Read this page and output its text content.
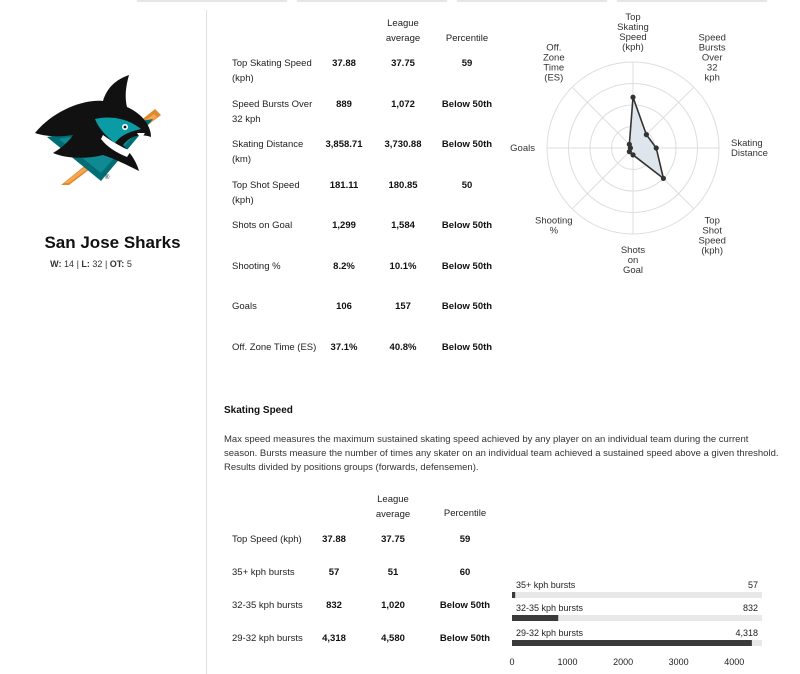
®
San Jose Sharks
W: 14 | L: 32 | OT: 5
League average	Percentile
Top Skating Speed (kph)
37.88	37.75	59
Speed Bursts Over 32 kph
889	1,072	Below 50th
Skating Distance (km)
3,858.71	3,730.88	Below 50th
Top Shot Speed (kph)
181.11	180.85	50
Shots on Goal	1,299	1,584	Below 50th
Shooting %	8.2%	10.1%	Below 50th
Goals	106	157	Below 50th
Off. Zone Time (ES)	37.1%	40.8%	Below 50th
Top Skating Speed (kph)
Speed Bursts Over 32 kph
Skating Distance
Top Shot Speed (kph)
Shots on Goal
Shooting %
Goals
Off. Zone Time (ES)
Skating Speed
Max speed measures the maximum sustained skating speed achieved by any player on an individual team during the current season. Bursts measure the number of times any skater on an individual team achieved a sustained speed above a given threshold. Results divided by positions groups (forwards, defensemen).
League average	Percentile
Top Speed (kph)	37.88	37.75	59
35+ kph bursts	57	51	60
32-35 kph bursts	832	1,020	Below 50th
29-32 kph bursts	4,318	4,580	Below 50th
35+ kph bursts	57
32-35 kph bursts	832
29-32 kph bursts	4,318
0	1000	2000	3000	4000
